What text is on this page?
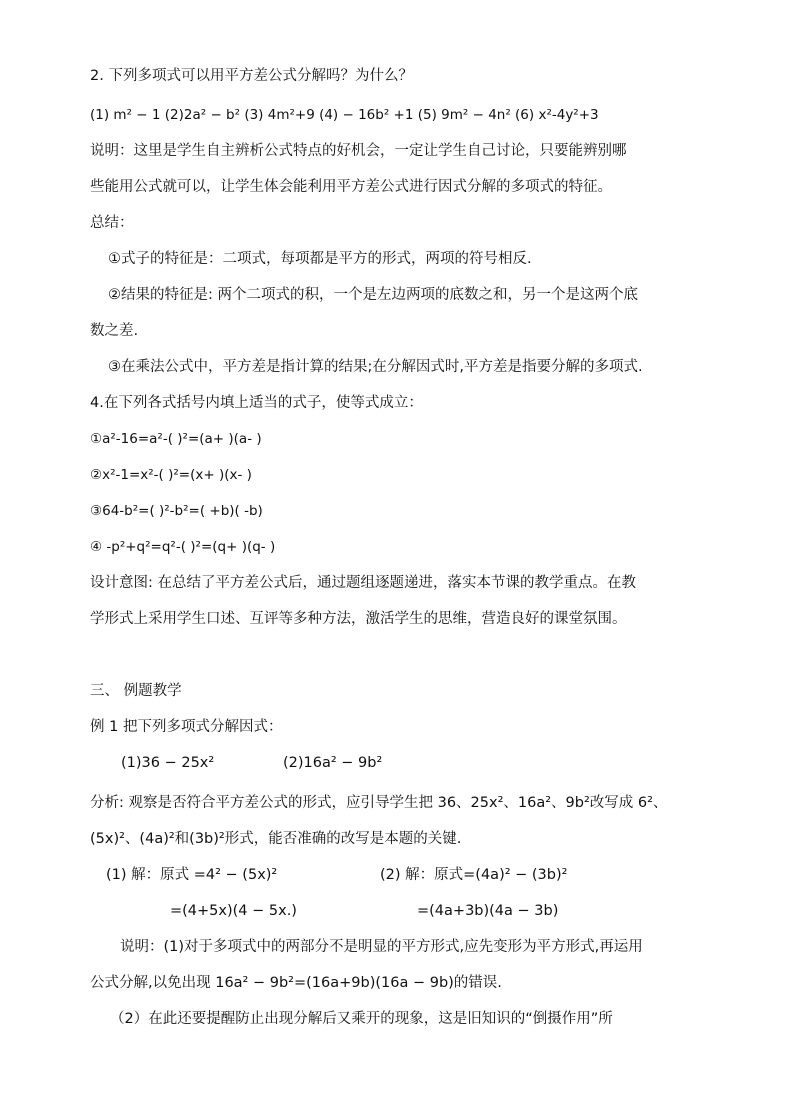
2. 下列多项式可以用平方差公式分解吗？为什么？
(1) m² − 1 (2)2a² − b² (3) 4m²+9 (4) − 16b² +1 (5) 9m² − 4n² (6) x²-4y²+3
说明：这里是学生自主辨析公式特点的好机会，一定让学生自己讨论，只要能辨别哪
些能用公式就可以，让学生体会能利用平方差公式进行因式分解的多项式的特征。
总结：
①式子的特征是：二项式，每项都是平方的形式，两项的符号相反.
②结果的特征是: 两个二项式的积，一个是左边两项的底数之和，另一个是这两个底
数之差.
③在乘法公式中，平方差是指计算的结果;在分解因式时,平方差是指要分解的多项式.
4.在下列各式括号内填上适当的式子，使等式成立：
①a²-16=a²-( )²=(a+ )(a- )
②x²-1=x²-( )²=(x+ )(x- )
③64-b²=( )²-b²=( +b)( -b)
④ -p²+q²=q²-( )²=(q+ )(q- )
设计意图: 在总结了平方差公式后，通过题组逐题递进，落实本节课的教学重点。在教
学形式上采用学生口述、互评等多种方法，激活学生的思维，营造良好的课堂氛围。
三、 例题教学
例 1 把下列多项式分解因式：
(1)36 − 25x²	(2)16a² − 9b²
分析: 观察是否符合平方差公式的形式，应引导学生把 36、25x²、16a²、9b²改写成 6²、
(5x)²、(4a)²和(3b)²形式，能否准确的改写是本题的关键.
(1) 解：原式 =4² − (5x)²	(2) 解：原式=(4a)² − (3b)²
=(4+5x)(4 − 5x.)	=(4a+3b)(4a − 3b)
说明：(1)对于多项式中的两部分不是明显的平方形式,应先变形为平方形式,再运用
公式分解,以免出现 16a² − 9b²=(16a+9b)(16a − 9b)的错误.
（2）在此还要提醒防止出现分解后又乘开的现象，这是旧知识的“倒摄作用”所
